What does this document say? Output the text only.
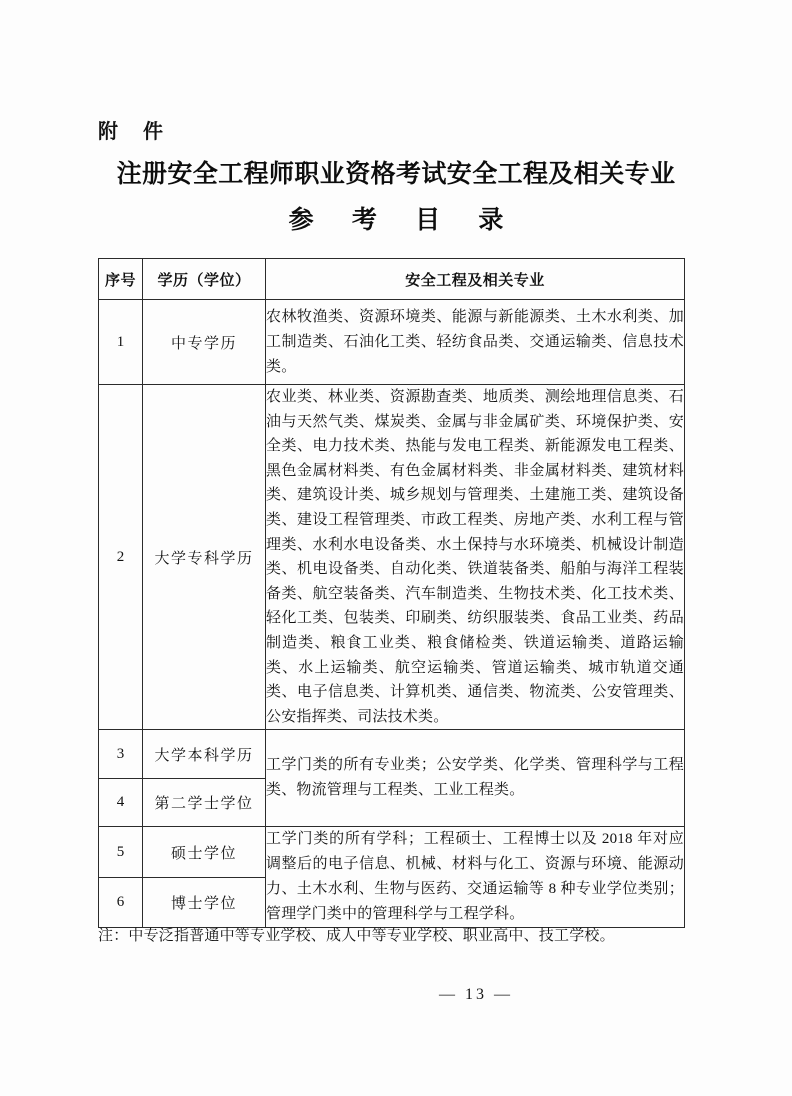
附 件
注册安全工程师职业资格考试安全工程及相关专业
参 考 目 录
序号	学历（学位）	安全工程及相关专业
1	中专学历	农林牧渔类、资源环境类、能源与新能源类、土木水利类、加工制造类、石油化工类、轻纺食品类、交通运输类、信息技术类。
2	大学专科学历	农业类、林业类、资源勘查类、地质类、测绘地理信息类、石油与天然气类、煤炭类、金属与非金属矿类、环境保护类、安全类、电力技术类、热能与发电工程类、新能源发电工程类、黑色金属材料类、有色金属材料类、非金属材料类、建筑材料类、建筑设计类、城乡规划与管理类、土建施工类、建筑设备类、建设工程管理类、市政工程类、房地产类、水利工程与管理类、水利水电设备类、水土保持与水环境类、机械设计制造类、机电设备类、自动化类、铁道装备类、船舶与海洋工程装备类、航空装备类、汽车制造类、生物技术类、化工技术类、轻化工类、包装类、印刷类、纺织服装类、食品工业类、药品制造类、粮食工业类、粮食储检类、铁道运输类、道路运输类、水上运输类、航空运输类、管道运输类、城市轨道交通类、电子信息类、计算机类、通信类、物流类、公安管理类、公安指挥类、司法技术类。
3	大学本科学历	工学门类的所有专业类；公安学类、化学类、管理科学与工程类、物流管理与工程类、工业工程类。
4	第二学士学位	
5	硕士学位	工学门类的所有学科；工程硕士、工程博士以及 2018 年对应调整后的电子信息、机械、材料与化工、资源与环境、能源动力、土木水利、生物与医药、交通运输等 8 种专业学位类别；管理学门类中的管理科学与工程学科。
6	博士学位	
注：中专泛指普通中等专业学校、成人中等专业学校、职业高中、技工学校。
— 13 —
